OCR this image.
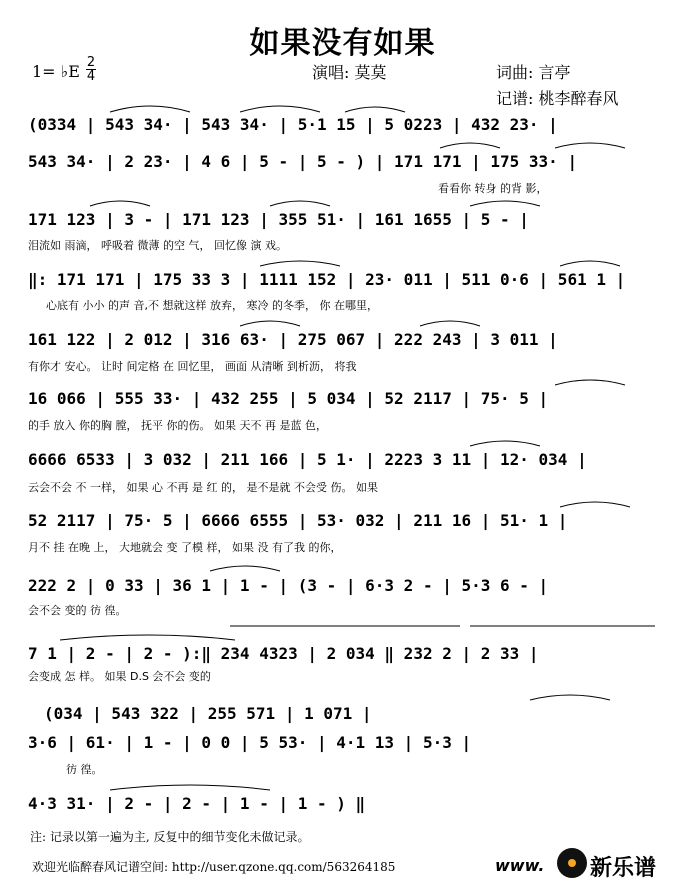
如果没有如果
1= ♭E 2
4	演唱: 莫莫	词曲: 言亭
记谱: 桃李醉春风
(0334 | 543 34· | 543 34· | 5·1 15 | 5 0223 | 432 23· |
543 34· | 2 23· | 4 6 | 5 - | 5 - ) | 171 171 | 175 33· |
看看你 转身 的背 影，
171 123 | 3 - | 171 123 | 355 51· | 161 1655 | 5 - |
泪流如 雨滴， 呼吸着 微薄 的空 气， 回忆像 演 戏。
‖: 171 171 | 175 33 3 | 1111 152 | 23· 011 | 511 0·6 | 561 1 |
心底有 小小 的声 音,不 想就这样 放弃， 寒冷 的冬季， 你 在哪里，
161 122 | 2 012 | 316 63· | 275 067 | 222 243 | 3 011 |
有你才 安心。 让时 间定格 在 回忆里， 画面 从清晰 到析沥， 将我
16 066 | 555 33· | 432 255 | 5 034 | 52 2117 | 75· 5 |
的手 放入 你的胸 膛， 抚平 你的伤。 如果 天不 再 是蓝 色，
6666 6533 | 3 032 | 211 166 | 5 1· | 2223 3 11 | 12· 034 |
云会不会 不 一样， 如果 心 不再 是 红 的， 是不是就 不会受 伤。 如果
52 2117 | 75· 5 | 6666 6555 | 53· 032 | 211 16 | 51· 1 |
月不 挂 在晚 上， 大地就会 变 了模 样， 如果 没 有了我 的你，
222 2 | 0 33 | 36 1 | 1 - | (3 - | 6·3 2 - | 5·3 6 - |
会不会 变的 彷 徨。
7 1 | 2 - | 2 - ):‖ 234 4323 | 2 034 ‖ 232 2 | 2 33 |
会变成 怎 样。 如果 D.S 会不会 变的
(034 | 543 322 | 255 571 | 1 071 |
3·6 | 61· | 1 - | 0 0 | 5 53· | 4·1 13 | 5·3 |
彷 徨。
4·3 31· | 2 - | 2 - | 1 - | 1 - ) ‖
注: 记录以第一遍为主, 反复中的细节变化未做记录。
欢迎光临醉春风记谱空间: http://user.qzone.qq.com/563264185	www. 新乐谱
